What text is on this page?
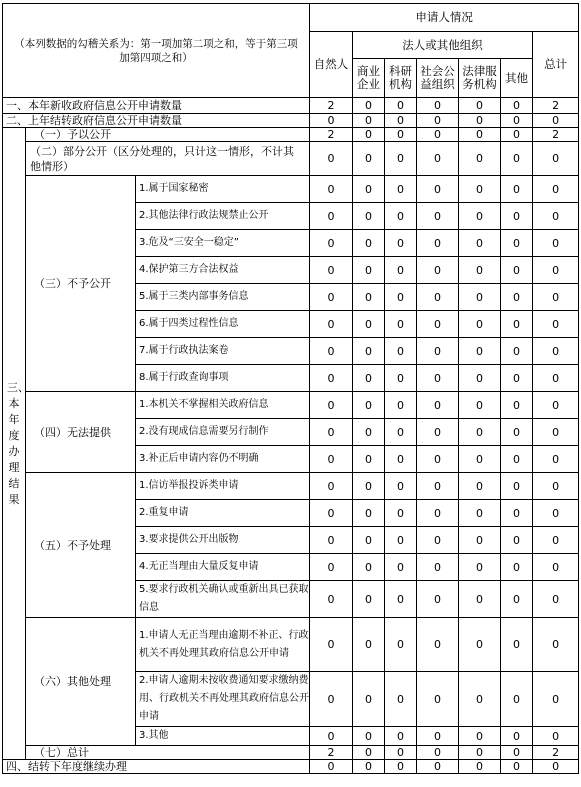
（本列数据的勾稽关系为：第一项加第二项之和，等于第三项加第四项之和）			申请人情况						
			自然人	法人或其他组织					总计
				商业企业	科研机构	社会公益组织	法律服务机构	其他	
一、本年新收政府信息公开申请数量			2	0	0	0	0	0	2
二、上年结转政府信息公开申请数量			0	0	0	0	0	0	0
三、本年度办理结果	（一）予以公开		2	0	0	0	0	0	2
	（二）部分公开（区分处理的，只计这一情形，不计其他情形）		0	0	0	0	0	0	0
	（三）不予公开	1.属于国家秘密	0	0	0	0	0	0	0
		2.其他法律行政法规禁止公开	0	0	0	0	0	0	0
		3.危及“三安全一稳定”	0	0	0	0	0	0	0
		4.保护第三方合法权益	0	0	0	0	0	0	0
		5.属于三类内部事务信息	0	0	0	0	0	0	0
		6.属于四类过程性信息	0	0	0	0	0	0	0
		7.属于行政执法案卷	0	0	0	0	0	0	0
		8.属于行政查询事项	0	0	0	0	0	0	0
	（四）无法提供	1.本机关不掌握相关政府信息	0	0	0	0	0	0	0
		2.没有现成信息需要另行制作	0	0	0	0	0	0	0
		3.补正后申请内容仍不明确	0	0	0	0	0	0	0
	（五）不予处理	1.信访举报投诉类申请	0	0	0	0	0	0	0
		2.重复申请	0	0	0	0	0	0	0
		3.要求提供公开出版物	0	0	0	0	0	0	0
		4.无正当理由大量反复申请	0	0	0	0	0	0	0
		5.要求行政机关确认或重新出具已获取信息	0	0	0	0	0	0	0
	（六）其他处理	1.申请人无正当理由逾期不补正、行政机关不再处理其政府信息公开申请	0	0	0	0	0	0	0
		2.申请人逾期未按收费通知要求缴纳费用、行政机关不再处理其政府信息公开申请	0	0	0	0	0	0	0
		3.其他	0	0	0	0	0	0	0
	（七）总计		2	0	0	0	0	0	2
四、结转下年度继续办理			0	0	0	0	0	0	0
